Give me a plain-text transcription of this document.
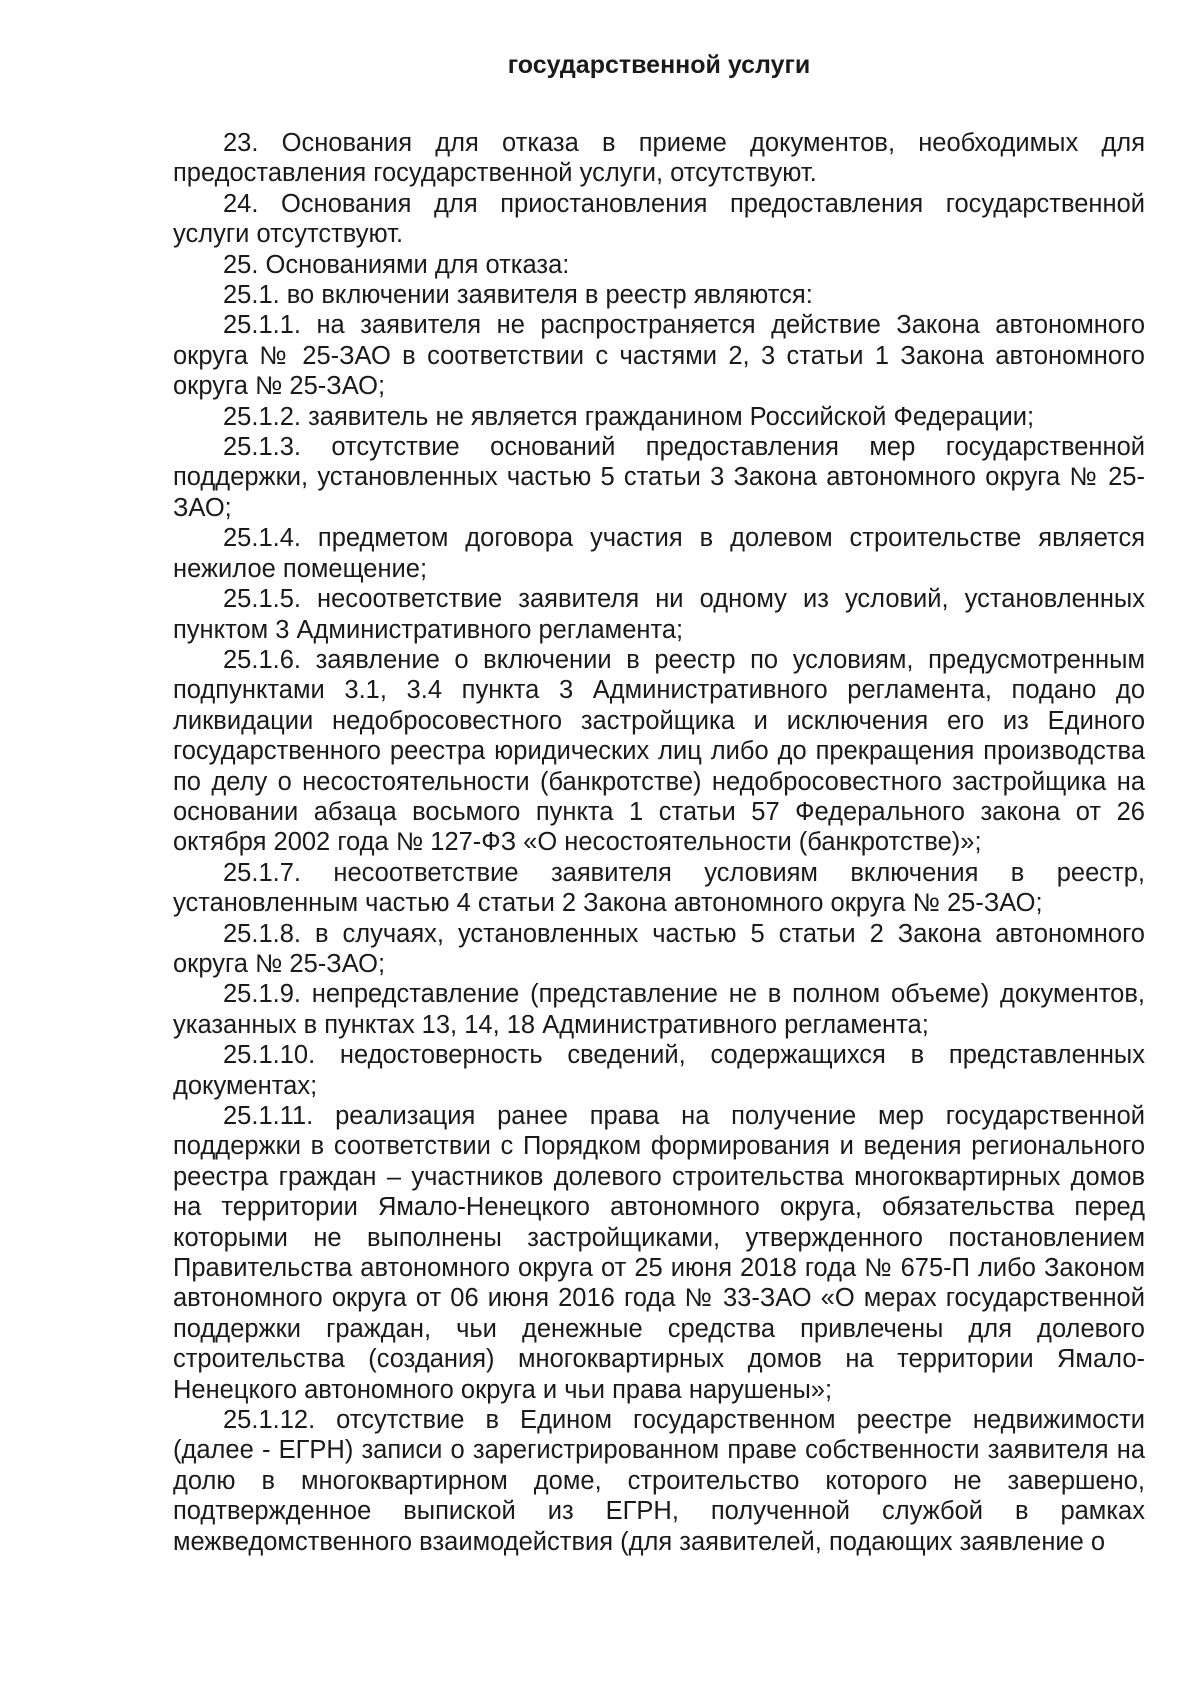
государственной услуги

23. Основания для отказа в приеме документов, необходимых для предоставления государственной услуги, отсутствуют.

24. Основания для приостановления предоставления государственной услуги отсутствуют.

25. Основаниями для отказа:

25.1. во включении заявителя в реестр являются:

25.1.1. на заявителя не распространяется действие Закона автономного округа № 25-ЗАО в соответствии с частями 2, 3 статьи 1 Закона автономного округа № 25-ЗАО;

25.1.2. заявитель не является гражданином Российской Федерации;

25.1.3. отсутствие оснований предоставления мер государственной поддержки, установленных частью 5 статьи 3 Закона автономного округа № 25-ЗАО;

25.1.4. предметом договора участия в долевом строительстве является нежилое помещение;

25.1.5. несоответствие заявителя ни одному из условий, установленных пунктом 3 Административного регламента;

25.1.6. заявление о включении в реестр по условиям, предусмотренным подпунктами 3.1, 3.4 пункта 3 Административного регламента, подано до ликвидации недобросовестного застройщика и исключения его из Единого государственного реестра юридических лиц либо до прекращения производства по делу о несостоятельности (банкротстве) недобросовестного застройщика на основании абзаца восьмого пункта 1 статьи 57 Федерального закона от 26 октября 2002 года № 127-ФЗ «О несостоятельности (банкротстве)»;

25.1.7. несоответствие заявителя условиям включения в реестр, установленным частью 4 статьи 2 Закона автономного округа № 25-ЗАО;

25.1.8. в случаях, установленных частью 5 статьи 2 Закона автономного округа № 25-ЗАО;

25.1.9. непредставление (представление не в полном объеме) документов, указанных в пунктах 13, 14, 18 Административного регламента;

25.1.10. недостоверность сведений, содержащихся в представленных документах;

25.1.11. реализация ранее права на получение мер государственной поддержки в соответствии с Порядком формирования и ведения регионального реестра граждан – участников долевого строительства многоквартирных домов на территории Ямало-Ненецкого автономного округа, обязательства перед которыми не выполнены застройщиками, утвержденного постановлением Правительства автономного округа от 25 июня 2018 года № 675-П либо Законом автономного округа от 06 июня 2016 года № 33-ЗАО «О мерах государственной поддержки граждан, чьи денежные средства привлечены для долевого строительства (создания) многоквартирных домов на территории Ямало-Ненецкого автономного округа и чьи права нарушены»;

25.1.12. отсутствие в Едином государственном реестре недвижимости (далее - ЕГРН) записи о зарегистрированном праве собственности заявителя на долю в многоквартирном доме, строительство которого не завершено, подтвержденное выпиской из ЕГРН, полученной службой в рамках межведомственного взаимодействия (для заявителей, подающих заявление о
